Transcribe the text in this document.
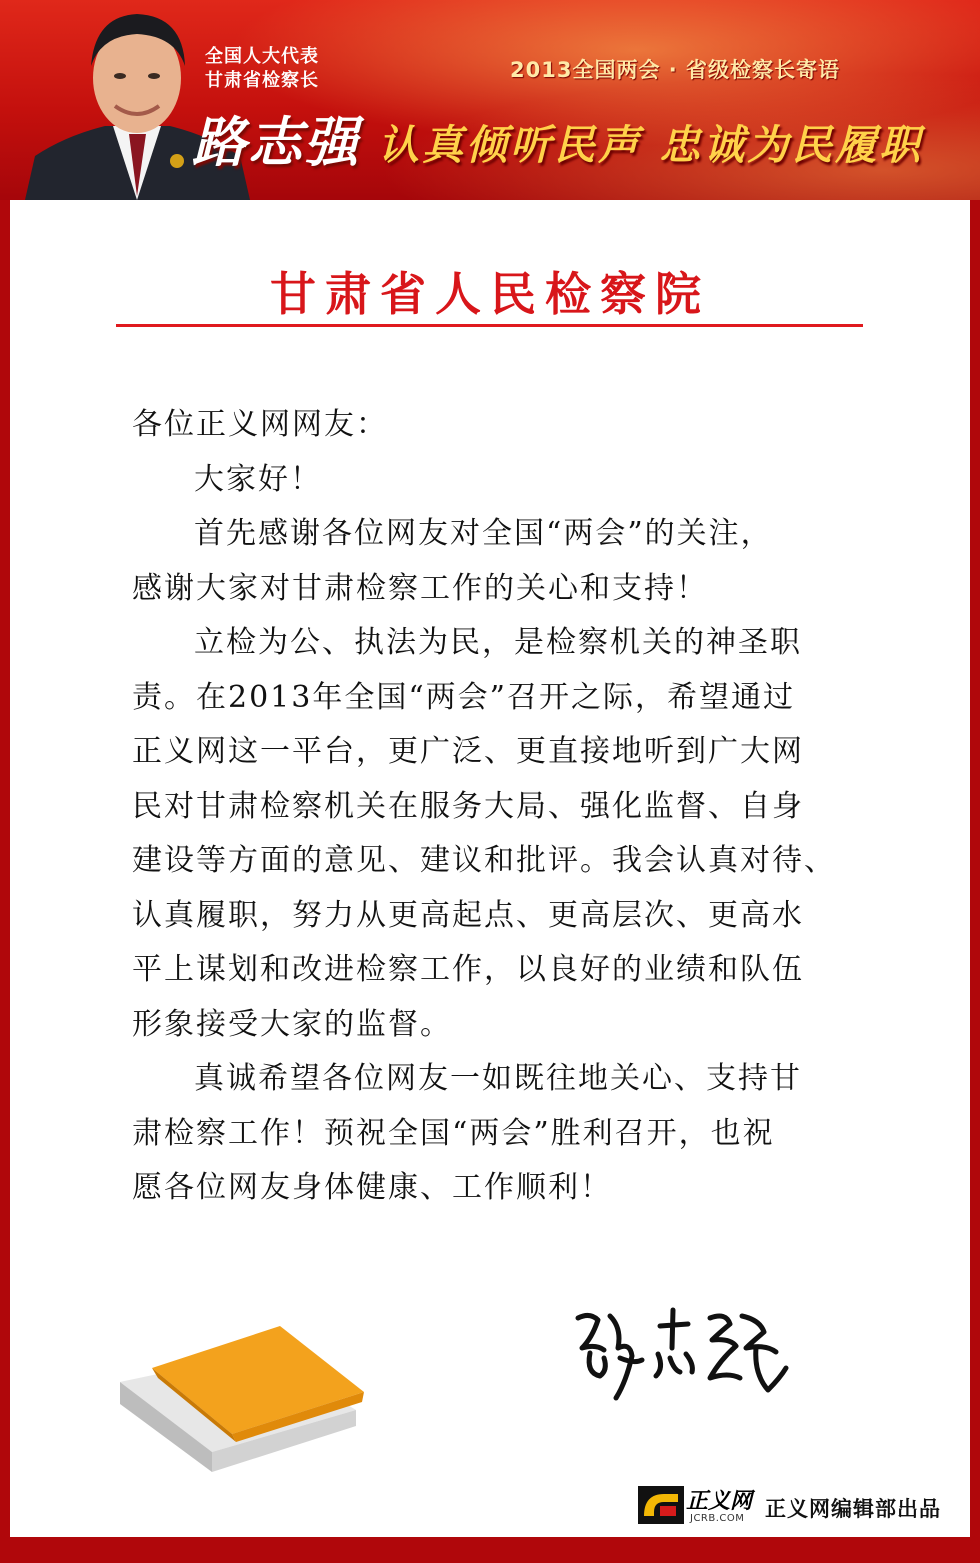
全国人大代表
甘肃省检察长	2013全国两会 · 省级检察长寄语
路志强 认真倾听民声 忠诚为民履职
甘肃省人民检察院

各位正义网网友：

大家好！

首先感谢各位网友对全国“两会”的关注，

感谢大家对甘肃检察工作的关心和支持！

立检为公、执法为民，是检察机关的神圣职

责。在2013年全国“两会”召开之际，希望通过

正义网这一平台，更广泛、更直接地听到广大网

民对甘肃检察机关在服务大局、强化监督、自身

建设等方面的意见、建议和批评。我会认真对待、

认真履职，努力从更高起点、更高层次、更高水

平上谋划和改进检察工作，以良好的业绩和队伍

形象接受大家的监督。

真诚希望各位网友一如既往地关心、支持甘

肃检察工作！预祝全国“两会”胜利召开，也祝

愿各位网友身体健康、工作顺利！

正义网
JCRB.COM 正义网编辑部出品
